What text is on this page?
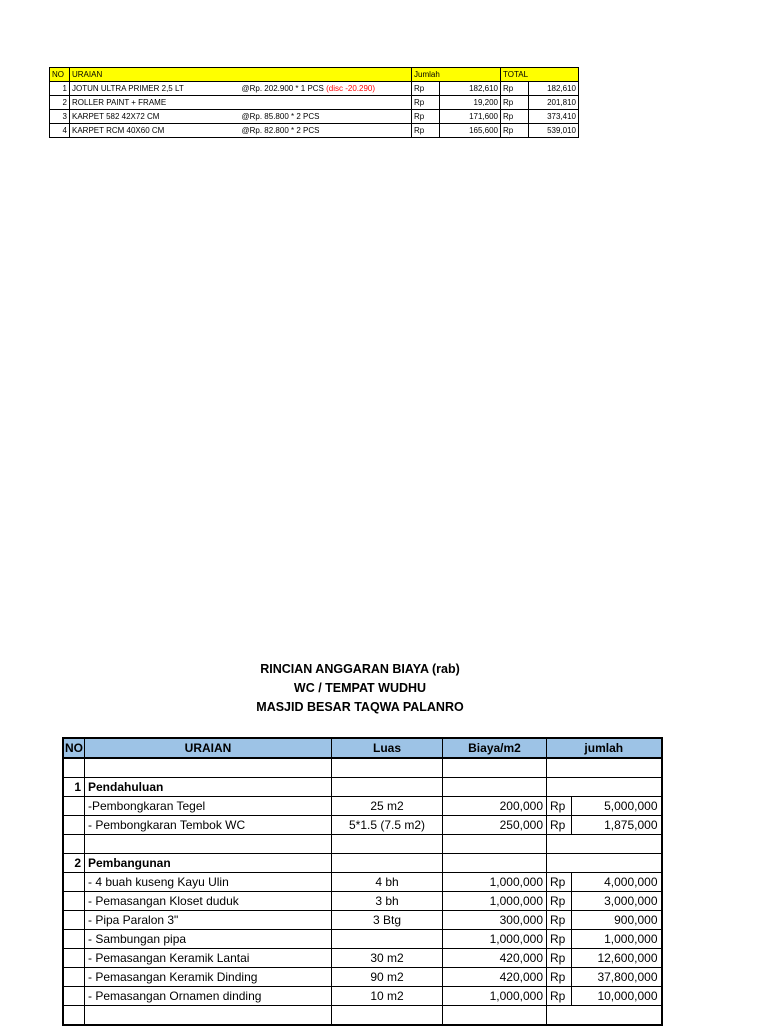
NO	URAIAN		Jumlah		TOTAL	
1	JOTUN ULTRA PRIMER 2,5 LT	@Rp. 202.900 * 1 PCS (disc -20.290)	Rp	182,610	Rp	182,610
2	ROLLER PAINT + FRAME		Rp	19,200	Rp	201,810
3	KARPET 582 42X72 CM	@Rp. 85.800 * 2 PCS	Rp	171,600	Rp	373,410
4	KARPET RCM 40X60 CM	@Rp. 82.800 * 2 PCS	Rp	165,600	Rp	539,010
RINCIAN ANGGARAN BIAYA (rab)
WC / TEMPAT WUDHU
MASJID BESAR TAQWA PALANRO
NO	URAIAN	Luas	Biaya/m2	jumlah	

1	Pendahuluan				
	-Pembongkaran Tegel	25 m2	200,000	Rp	5,000,000
	- Pembongkaran Tembok WC	5*1.5 (7.5 m2)	250,000	Rp	1,875,000

2	Pembangunan				
	- 4 buah kuseng Kayu Ulin	4 bh	1,000,000	Rp	4,000,000
	- Pemasangan Kloset duduk	3 bh	1,000,000	Rp	3,000,000
	- Pipa Paralon 3"	3 Btg	300,000	Rp	900,000
	- Sambungan pipa		1,000,000	Rp	1,000,000
	- Pemasangan Keramik Lantai	30 m2	420,000	Rp	12,600,000
	- Pemasangan Keramik Dinding	90 m2	420,000	Rp	37,800,000
	- Pemasangan Ornamen dinding	10 m2	1,000,000	Rp	10,000,000
